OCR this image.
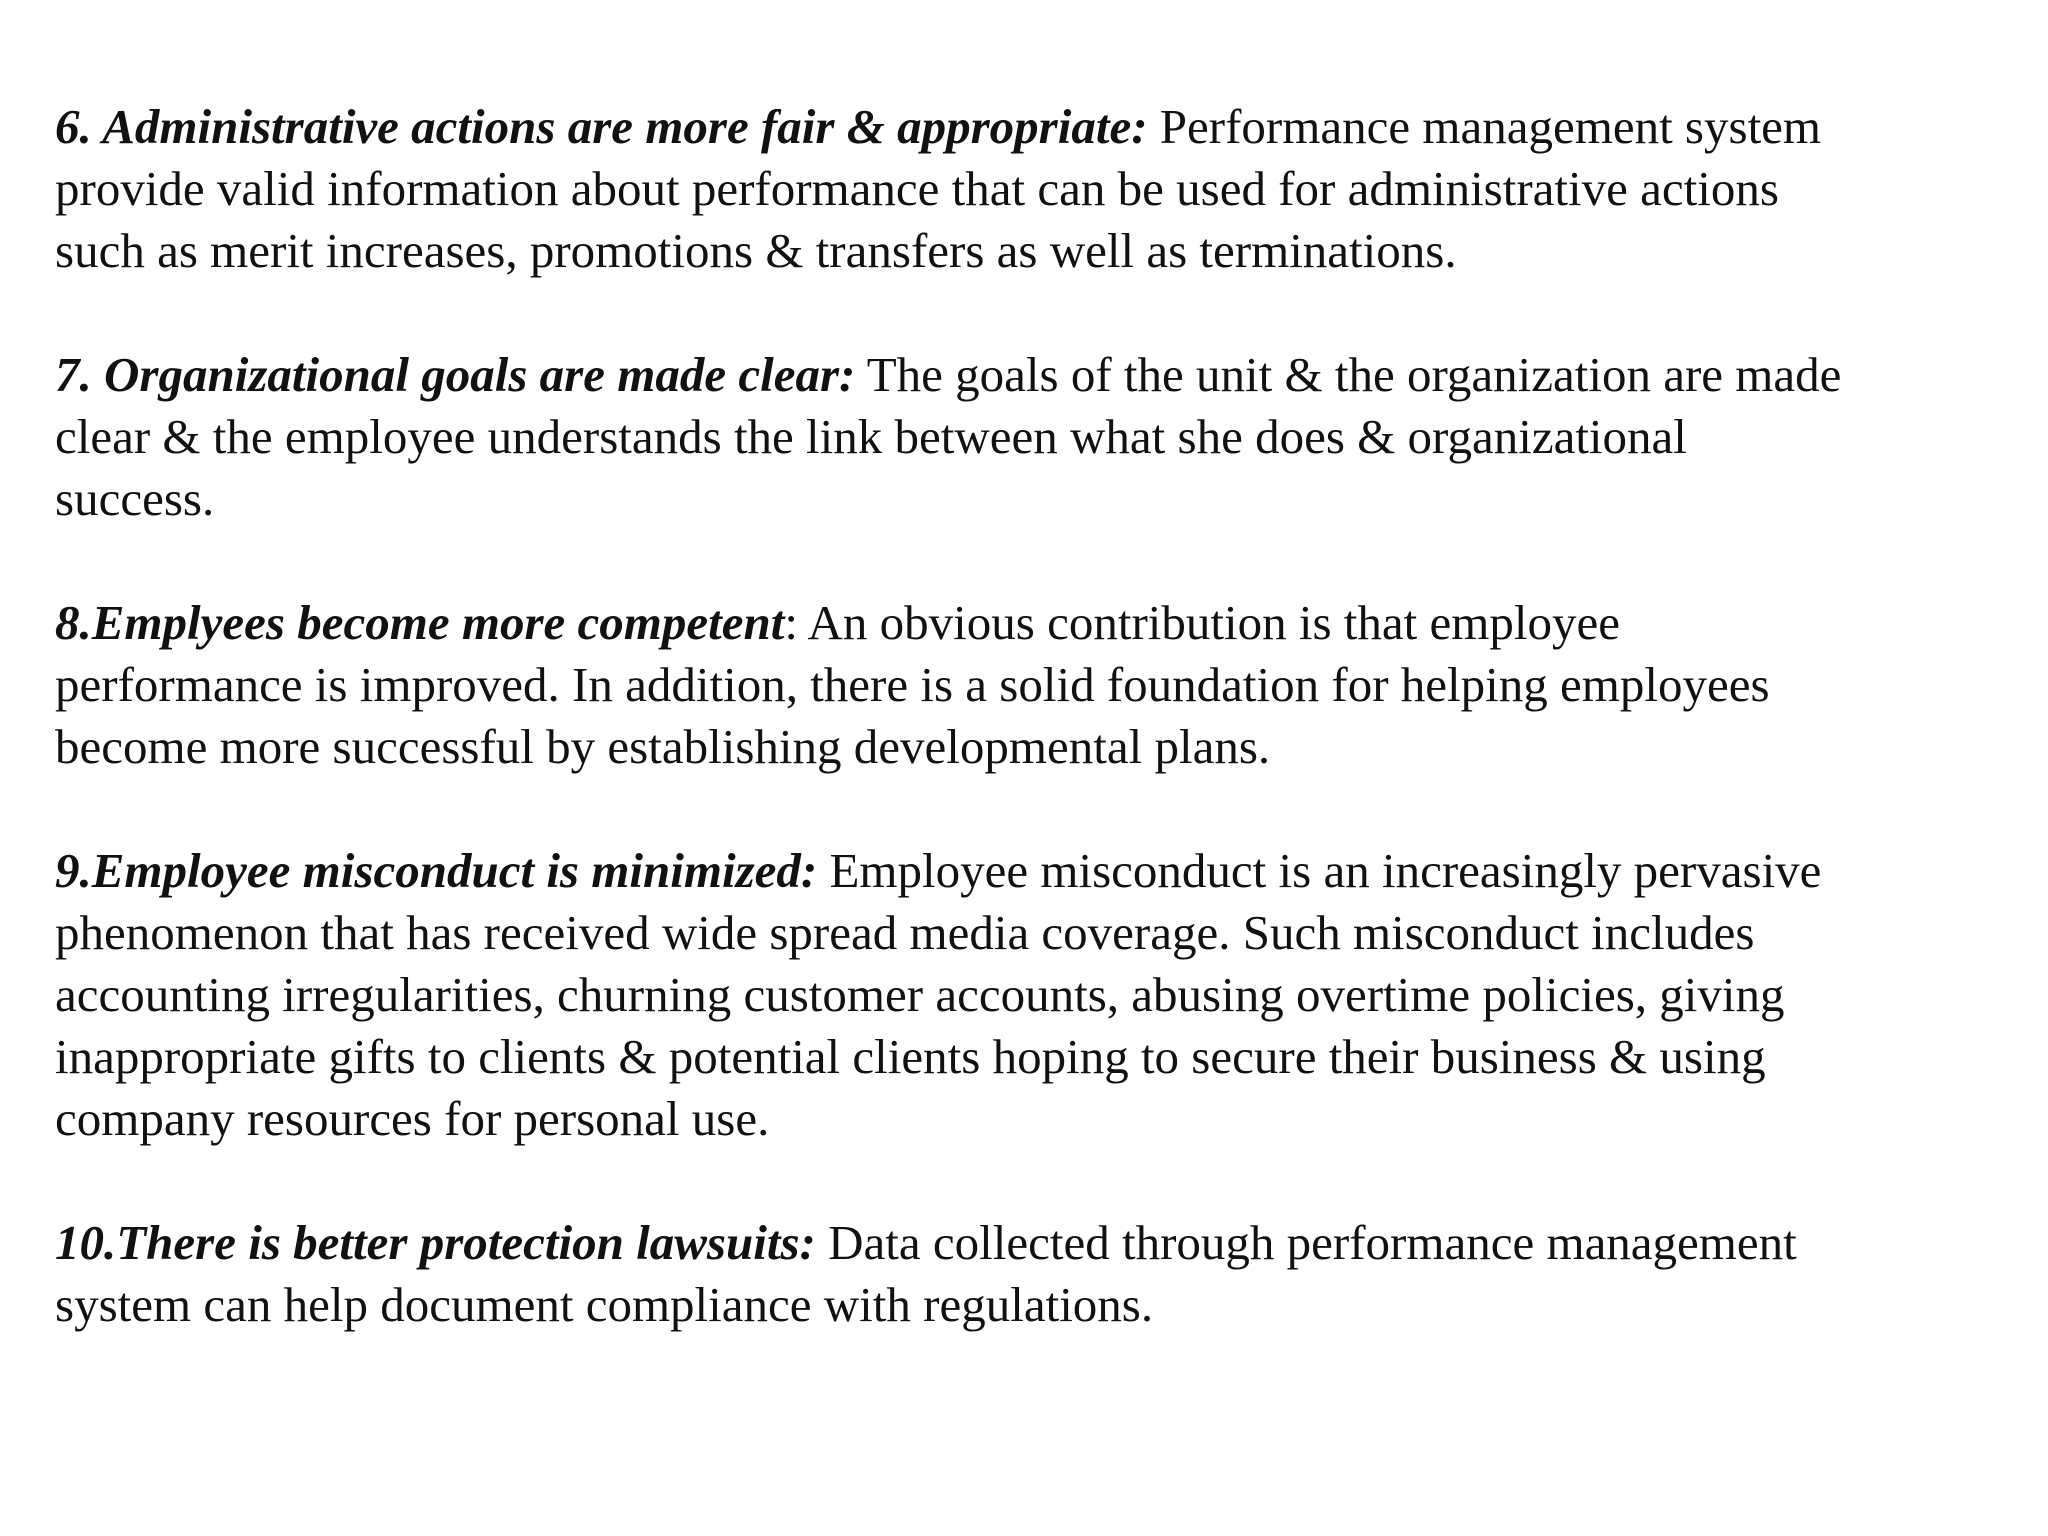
6. Administrative actions are more fair & appropriate: Performance management system
provide valid information about performance that can be used for administrative actions
such as merit increases, promotions & transfers as well as terminations.

7. Organizational goals are made clear: The goals of the unit & the organization are made
clear & the employee understands the link between what she does & organizational
success.

8.Emplyees become more competent: An obvious contribution is that employee
performance is improved. In addition, there is a solid foundation for helping employees
become more successful by establishing developmental plans.

9.Employee misconduct is minimized: Employee misconduct is an increasingly pervasive
phenomenon that has received wide spread media coverage. Such misconduct includes
accounting irregularities, churning customer accounts, abusing overtime policies, giving
inappropriate gifts to clients & potential clients hoping to secure their business & using
company resources for personal use.

10.There is better protection lawsuits: Data collected through performance management
system can help document compliance with regulations.
